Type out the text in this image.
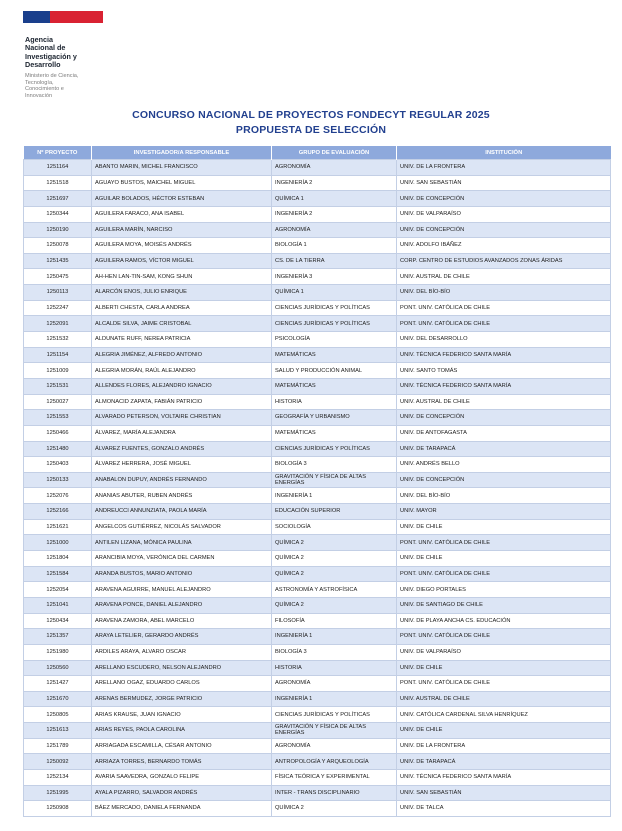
Agencia
Nacional de
Investigación y
Desarrollo
Ministerio de Ciencia,
Tecnología,
Conocimiento e
Innovación
CONCURSO NACIONAL DE PROYECTOS FONDECYT REGULAR 2025
PROPUESTA DE SELECCIÓN
Nº PROYECTO	INVESTIGADOR/A RESPONSABLE	GRUPO DE EVALUACIÓN	INSTITUCIÓN
1251164	ABANTO MARIN, MICHEL FRANCISCO	AGRONOMÍA	UNIV. DE LA FRONTERA
1251518	AGUAYO BUSTOS, MAICHEL MIGUEL	INGENIERÍA 2	UNIV. SAN SEBASTIÁN
1251697	AGUILAR BOLADOS, HÉCTOR ESTEBAN	QUÍMICA 1	UNIV. DE CONCEPCIÓN
1250344	AGUILERA FARACO, ANA ISABEL	INGENIERÍA 2	UNIV. DE VALPARAÍSO
1250190	AGUILERA MARÍN, NARCISO	AGRONOMÍA	UNIV. DE CONCEPCIÓN
1250078	AGUILERA MOYA, MOISÉS ANDRÉS	BIOLOGÍA 1	UNIV. ADOLFO IBÁÑEZ
1251435	AGUILERA RAMOS, VÍCTOR MIGUEL	CS. DE LA TIERRA	CORP. CENTRO DE ESTUDIOS AVANZADOS ZONAS ÁRIDAS
1250475	AH-HEN LAN-TIN-SAM, KONG SHUN	INGENIERÍA 3	UNIV. AUSTRAL DE CHILE
1250113	ALARCÓN ENOS, JULIO ENRIQUE	QUÍMICA 1	UNIV. DEL BÍO-BÍO
1252247	ALBERTI CHESTA, CARLA ANDREA	CIENCIAS JURÍDICAS Y POLÍTICAS	PONT. UNIV. CATÓLICA DE CHILE
1252091	ALCALDE SILVA, JAIME CRISTOBAL	CIENCIAS JURÍDICAS Y POLÍTICAS	PONT. UNIV. CATÓLICA DE CHILE
1251532	ALDUNATE RUFF, NEREA PATRICIA	PSICOLOGÍA	UNIV. DEL DESARROLLO
1251154	ALEGRIA JIMÉNEZ, ALFREDO ANTONIO	MATEMÁTICAS	UNIV. TÉCNICA FEDERICO SANTA MARÍA
1251009	ALEGRIA MORÁN, RAÚL ALEJANDRO	SALUD Y PRODUCCIÓN ANIMAL	UNIV. SANTO TOMÁS
1251531	ALLENDES FLORES, ALEJANDRO IGNACIO	MATEMÁTICAS	UNIV. TÉCNICA FEDERICO SANTA MARÍA
1250027	ALMONACID ZAPATA, FABIÁN PATRICIO	HISTORIA	UNIV. AUSTRAL DE CHILE
1251553	ALVARADO PETERSON, VOLTAIRE CHRISTIAN	GEOGRAFÍA Y URBANISMO	UNIV. DE CONCEPCIÓN
1250466	ÁLVAREZ, MARÍA ALEJANDRA	MATEMÁTICAS	UNIV. DE ANTOFAGASTA
1251480	ÁLVAREZ FUENTES, GONZALO ANDRÉS	CIENCIAS JURÍDICAS Y POLÍTICAS	UNIV. DE TARAPACÁ
1250403	ÁLVAREZ HERRERA, JOSÉ MIGUEL	BIOLOGÍA 3	UNIV. ANDRÉS BELLO
1250133	ANABALON DUPUY, ANDRÉS FERNANDO	GRAVITACIÓN Y FÍSICA DE ALTAS ENERGÍAS	UNIV. DE CONCEPCIÓN
1252076	ANANIAS ABUTER, RUBEN ANDRÉS	INGENIERÍA 1	UNIV. DEL BÍO-BÍO
1252166	ANDREUCCI ANNUNZIATA, PAOLA MARÍA	EDUCACIÓN SUPERIOR	UNIV. MAYOR
1251621	ANGELCOS GUTIÉRREZ, NICOLÁS SALVADOR	SOCIOLOGÍA	UNIV. DE CHILE
1251000	ANTILEN LIZANA, MÓNICA PAULINA	QUÍMICA 2	PONT. UNIV. CATÓLICA DE CHILE
1251804	ARANCIBIA MOYA, VERÓNICA DEL CARMEN	QUÍMICA 2	UNIV. DE CHILE
1251584	ARANDA BUSTOS, MARIO ANTONIO	QUÍMICA 2	PONT. UNIV. CATÓLICA DE CHILE
1252054	ARAVENA AGUIRRE, MANUEL ALEJANDRO	ASTRONOMÍA Y ASTROFÍSICA	UNIV. DIEGO PORTALES
1251041	ARAVENA PONCE, DANIEL ALEJANDRO	QUÍMICA 2	UNIV. DE SANTIAGO DE CHILE
1250434	ARAVENA ZAMORA, ABEL MARCELO	FILOSOFÍA	UNIV. DE PLAYA ANCHA CS. EDUCACIÓN
1251357	ARAYA LETELIER, GERARDO ANDRÉS	INGENIERÍA 1	PONT. UNIV. CATÓLICA DE CHILE
1251980	ARDILES ARAYA, ALVARO OSCAR	BIOLOGÍA 3	UNIV. DE VALPARAÍSO
1250560	ARELLANO ESCUDERO, NELSON ALEJANDRO	HISTORIA	UNIV. DE CHILE
1251427	ARELLANO OGAZ, EDUARDO CARLOS	AGRONOMÍA	PONT. UNIV. CATÓLICA DE CHILE
1251670	ARENAS BERMUDEZ, JORGE PATRICIO	INGENIERÍA 1	UNIV. AUSTRAL DE CHILE
1250805	ARIAS KRAUSE, JUAN IGNACIO	CIENCIAS JURÍDICAS Y POLÍTICAS	UNIV. CATÓLICA CARDENAL SILVA HENRÍQUEZ
1251613	ARIAS REYES, PAOLA CAROLINA	GRAVITACIÓN Y FÍSICA DE ALTAS ENERGÍAS	UNIV. DE CHILE
1251789	ARRIAGADA ESCAMILLA, CÉSAR ANTONIO	AGRONOMÍA	UNIV. DE LA FRONTERA
1250092	ARRIAZA TORRES, BERNARDO TOMÁS	ANTROPOLOGÍA Y ARQUEOLOGÍA	UNIV. DE TARAPACÁ
1252134	AVARIA SAAVEDRA, GONZALO FELIPE	FÍSICA TEÓRICA Y EXPERIMENTAL	UNIV. TÉCNICA FEDERICO SANTA MARÍA
1251995	AYALA PIZARRO, SALVADOR ANDRÉS	INTER - TRANS DISCIPLINARIO	UNIV. SAN SEBASTIÁN
1250908	BÁEZ MERCADO, DANIELA FERNANDA	QUÍMICA 2	UNIV. DE TALCA
